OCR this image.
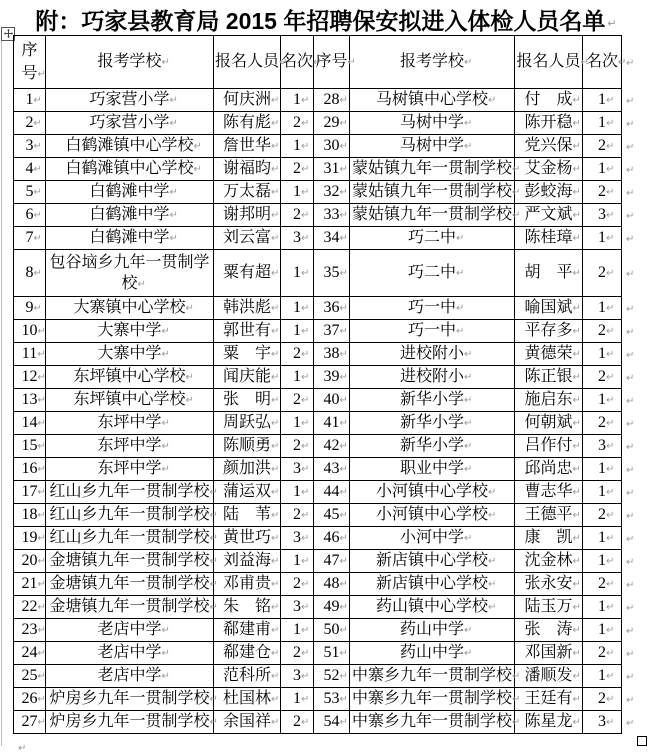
附：巧家县教育局 2015 年招聘保安拟进入体检人员名单 ↵
序号 ↵	报考学校 ↵	报名人员 ↵	名次 ↵	序号 ↵	报考学校 ↵	报名人员 ↵	名次 ↵	↵
1 ↵	巧家营小学 ↵	何庆洲 ↵	1 ↵	28 ↵	马树镇中心学校 ↵	付　成 ↵	1 ↵	↵
2 ↵	巧家营小学 ↵	陈有彪 ↵	2 ↵	29 ↵	马树中学 ↵	陈开稳 ↵	1 ↵	↵
3 ↵	白鹤滩镇中心学校 ↵	詹世华 ↵	1 ↵	30 ↵	马树中学 ↵	党兴保 ↵	2 ↵	↵
4 ↵	白鹤滩镇中心学校 ↵	谢福昀 ↵	2 ↵	31 ↵	蒙姑镇九年一贯制学校 ↵	艾金杨 ↵	1 ↵	↵
5 ↵	白鹤滩中学 ↵	万太磊 ↵	1 ↵	32 ↵	蒙姑镇九年一贯制学校 ↵	彭蛟海 ↵	2 ↵	↵
6 ↵	白鹤滩中学 ↵	谢邦明 ↵	2 ↵	33 ↵	蒙姑镇九年一贯制学校 ↵	严文斌 ↵	3 ↵	↵
7 ↵	白鹤滩中学 ↵	刘云富 ↵	3 ↵	34 ↵	巧二中 ↵	陈桂璋 ↵	1 ↵	↵
8 ↵	包谷垴乡九年一贯制学校 ↵	粟有超 ↵	1 ↵	35 ↵	巧二中 ↵	胡　平 ↵	2 ↵	↵
9 ↵	大寨镇中心学校 ↵	韩洪彪 ↵	1 ↵	36 ↵	巧一中 ↵	喻国斌 ↵	1 ↵	↵
10 ↵	大寨中学 ↵	郭世有 ↵	1 ↵	37 ↵	巧一中 ↵	平存多 ↵	2 ↵	↵
11 ↵	大寨中学 ↵	粟　宇 ↵	2 ↵	38 ↵	进校附小 ↵	黄德荣 ↵	1 ↵	↵
12 ↵	东坪镇中心学校 ↵	闻庆能 ↵	1 ↵	39 ↵	进校附小 ↵	陈正银 ↵	2 ↵	↵
13 ↵	东坪镇中心学校 ↵	张　明 ↵	2 ↵	40 ↵	新华小学 ↵	施启东 ↵	1 ↵	↵
14 ↵	东坪中学 ↵	周跃弘 ↵	1 ↵	41 ↵	新华小学 ↵	何朝斌 ↵	2 ↵	↵
15 ↵	东坪中学 ↵	陈顺勇 ↵	2 ↵	42 ↵	新华小学 ↵	吕作付 ↵	3 ↵	↵
16 ↵	东坪中学 ↵	颜加洪 ↵	3 ↵	43 ↵	职业中学 ↵	邱尚忠 ↵	1 ↵	↵
17 ↵	红山乡九年一贯制学校 ↵	蒲运双 ↵	1 ↵	44 ↵	小河镇中心学校 ↵	曹志华 ↵	1 ↵	↵
18 ↵	红山乡九年一贯制学校 ↵	陆　苇 ↵	2 ↵	45 ↵	小河镇中心学校 ↵	王德平 ↵	2 ↵	↵
19 ↵	红山乡九年一贯制学校 ↵	黄世巧 ↵	3 ↵	46 ↵	小河中学 ↵	康　凯 ↵	1 ↵	↵
20 ↵	金塘镇九年一贯制学校 ↵	刘益海 ↵	1 ↵	47 ↵	新店镇中心学校 ↵	沈金林 ↵	1 ↵	↵
21 ↵	金塘镇九年一贯制学校 ↵	邓甫贵 ↵	2 ↵	48 ↵	新店镇中心学校 ↵	张永安 ↵	2 ↵	↵
22 ↵	金塘镇九年一贯制学校 ↵	朱　铭 ↵	3 ↵	49 ↵	药山镇中心学校 ↵	陆玉万 ↵	1 ↵	↵
23 ↵	老店中学 ↵	郗建甫 ↵	1 ↵	50 ↵	药山中学 ↵	张　涛 ↵	1 ↵	↵
24 ↵	老店中学 ↵	郗建仓 ↵	2 ↵	51 ↵	药山中学 ↵	邓国新 ↵	2 ↵	↵
25 ↵	老店中学 ↵	范科所 ↵	3 ↵	52 ↵	中寨乡九年一贯制学校 ↵	潘顺发 ↵	1 ↵	↵
26 ↵	炉房乡九年一贯制学校 ↵	杜国林 ↵	1 ↵	53 ↵	中寨乡九年一贯制学校 ↵	王廷有 ↵	2 ↵	↵
27 ↵	炉房乡九年一贯制学校 ↵	余国祥 ↵	2 ↵	54 ↵	中寨乡九年一贯制学校 ↵	陈星龙 ↵	3 ↵	↵
↵
